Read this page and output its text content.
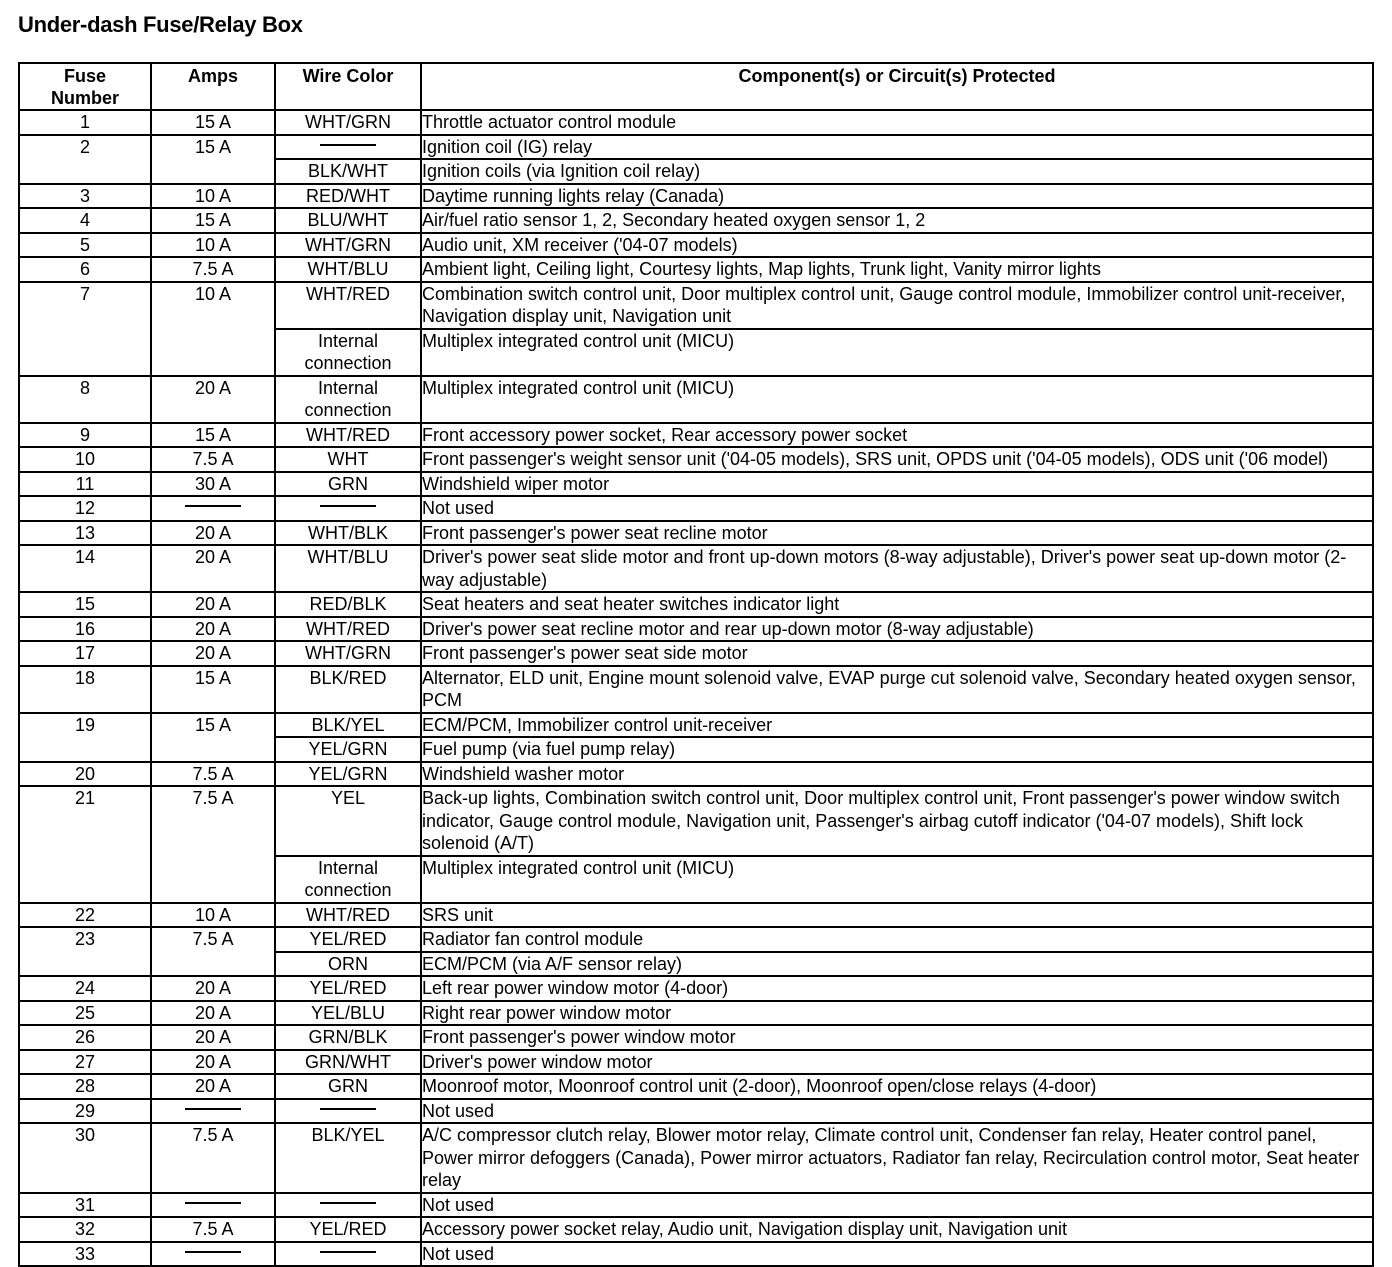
Under-dash Fuse/Relay Box
Fuse Number	Amps	Wire Color	Component(s) or Circuit(s) Protected
1	15 A	WHT/GRN	Throttle actuator control module
2	15 A		Ignition coil (IG) relay
		BLK/WHT	Ignition coils (via Ignition coil relay)
3	10 A	RED/WHT	Daytime running lights relay (Canada)
4	15 A	BLU/WHT	Air/fuel ratio sensor 1, 2, Secondary heated oxygen sensor 1, 2
5	10 A	WHT/GRN	Audio unit, XM receiver ('04-07 models)
6	7.5 A	WHT/BLU	Ambient light, Ceiling light, Courtesy lights, Map lights, Trunk light, Vanity mirror lights
7	10 A	WHT/RED	Combination switch control unit, Door multiplex control unit, Gauge control module, Immobilizer control unit-receiver, Navigation display unit, Navigation unit
		Internal connection	Multiplex integrated control unit (MICU)
8	20 A	Internal connection	Multiplex integrated control unit (MICU)
9	15 A	WHT/RED	Front accessory power socket, Rear accessory power socket
10	7.5 A	WHT	Front passenger's weight sensor unit ('04-05 models), SRS unit, OPDS unit ('04-05 models), ODS unit ('06 model)
11	30 A	GRN	Windshield wiper motor
12			Not used
13	20 A	WHT/BLK	Front passenger's power seat recline motor
14	20 A	WHT/BLU	Driver's power seat slide motor and front up-down motors (8-way adjustable), Driver's power seat up-down motor (2-way adjustable)
15	20 A	RED/BLK	Seat heaters and seat heater switches indicator light
16	20 A	WHT/RED	Driver's power seat recline motor and rear up-down motor (8-way adjustable)
17	20 A	WHT/GRN	Front passenger's power seat side motor
18	15 A	BLK/RED	Alternator, ELD unit, Engine mount solenoid valve, EVAP purge cut solenoid valve, Secondary heated oxygen sensor, PCM
19	15 A	BLK/YEL	ECM/PCM, Immobilizer control unit-receiver
		YEL/GRN	Fuel pump (via fuel pump relay)
20	7.5 A	YEL/GRN	Windshield washer motor
21	7.5 A	YEL	Back-up lights, Combination switch control unit, Door multiplex control unit, Front passenger's power window switch indicator, Gauge control module, Navigation unit, Passenger's airbag cutoff indicator ('04-07 models), Shift lock solenoid (A/T)
		Internal connection	Multiplex integrated control unit (MICU)
22	10 A	WHT/RED	SRS unit
23	7.5 A	YEL/RED	Radiator fan control module
		ORN	ECM/PCM (via A/F sensor relay)
24	20 A	YEL/RED	Left rear power window motor (4-door)
25	20 A	YEL/BLU	Right rear power window motor
26	20 A	GRN/BLK	Front passenger's power window motor
27	20 A	GRN/WHT	Driver's power window motor
28	20 A	GRN	Moonroof motor, Moonroof control unit (2-door), Moonroof open/close relays (4-door)
29			Not used
30	7.5 A	BLK/YEL	A/C compressor clutch relay, Blower motor relay, Climate control unit, Condenser fan relay, Heater control panel, Power mirror defoggers (Canada), Power mirror actuators, Radiator fan relay, Recirculation control motor, Seat heater relay
31			Not used
32	7.5 A	YEL/RED	Accessory power socket relay, Audio unit, Navigation display unit, Navigation unit
33			Not used
